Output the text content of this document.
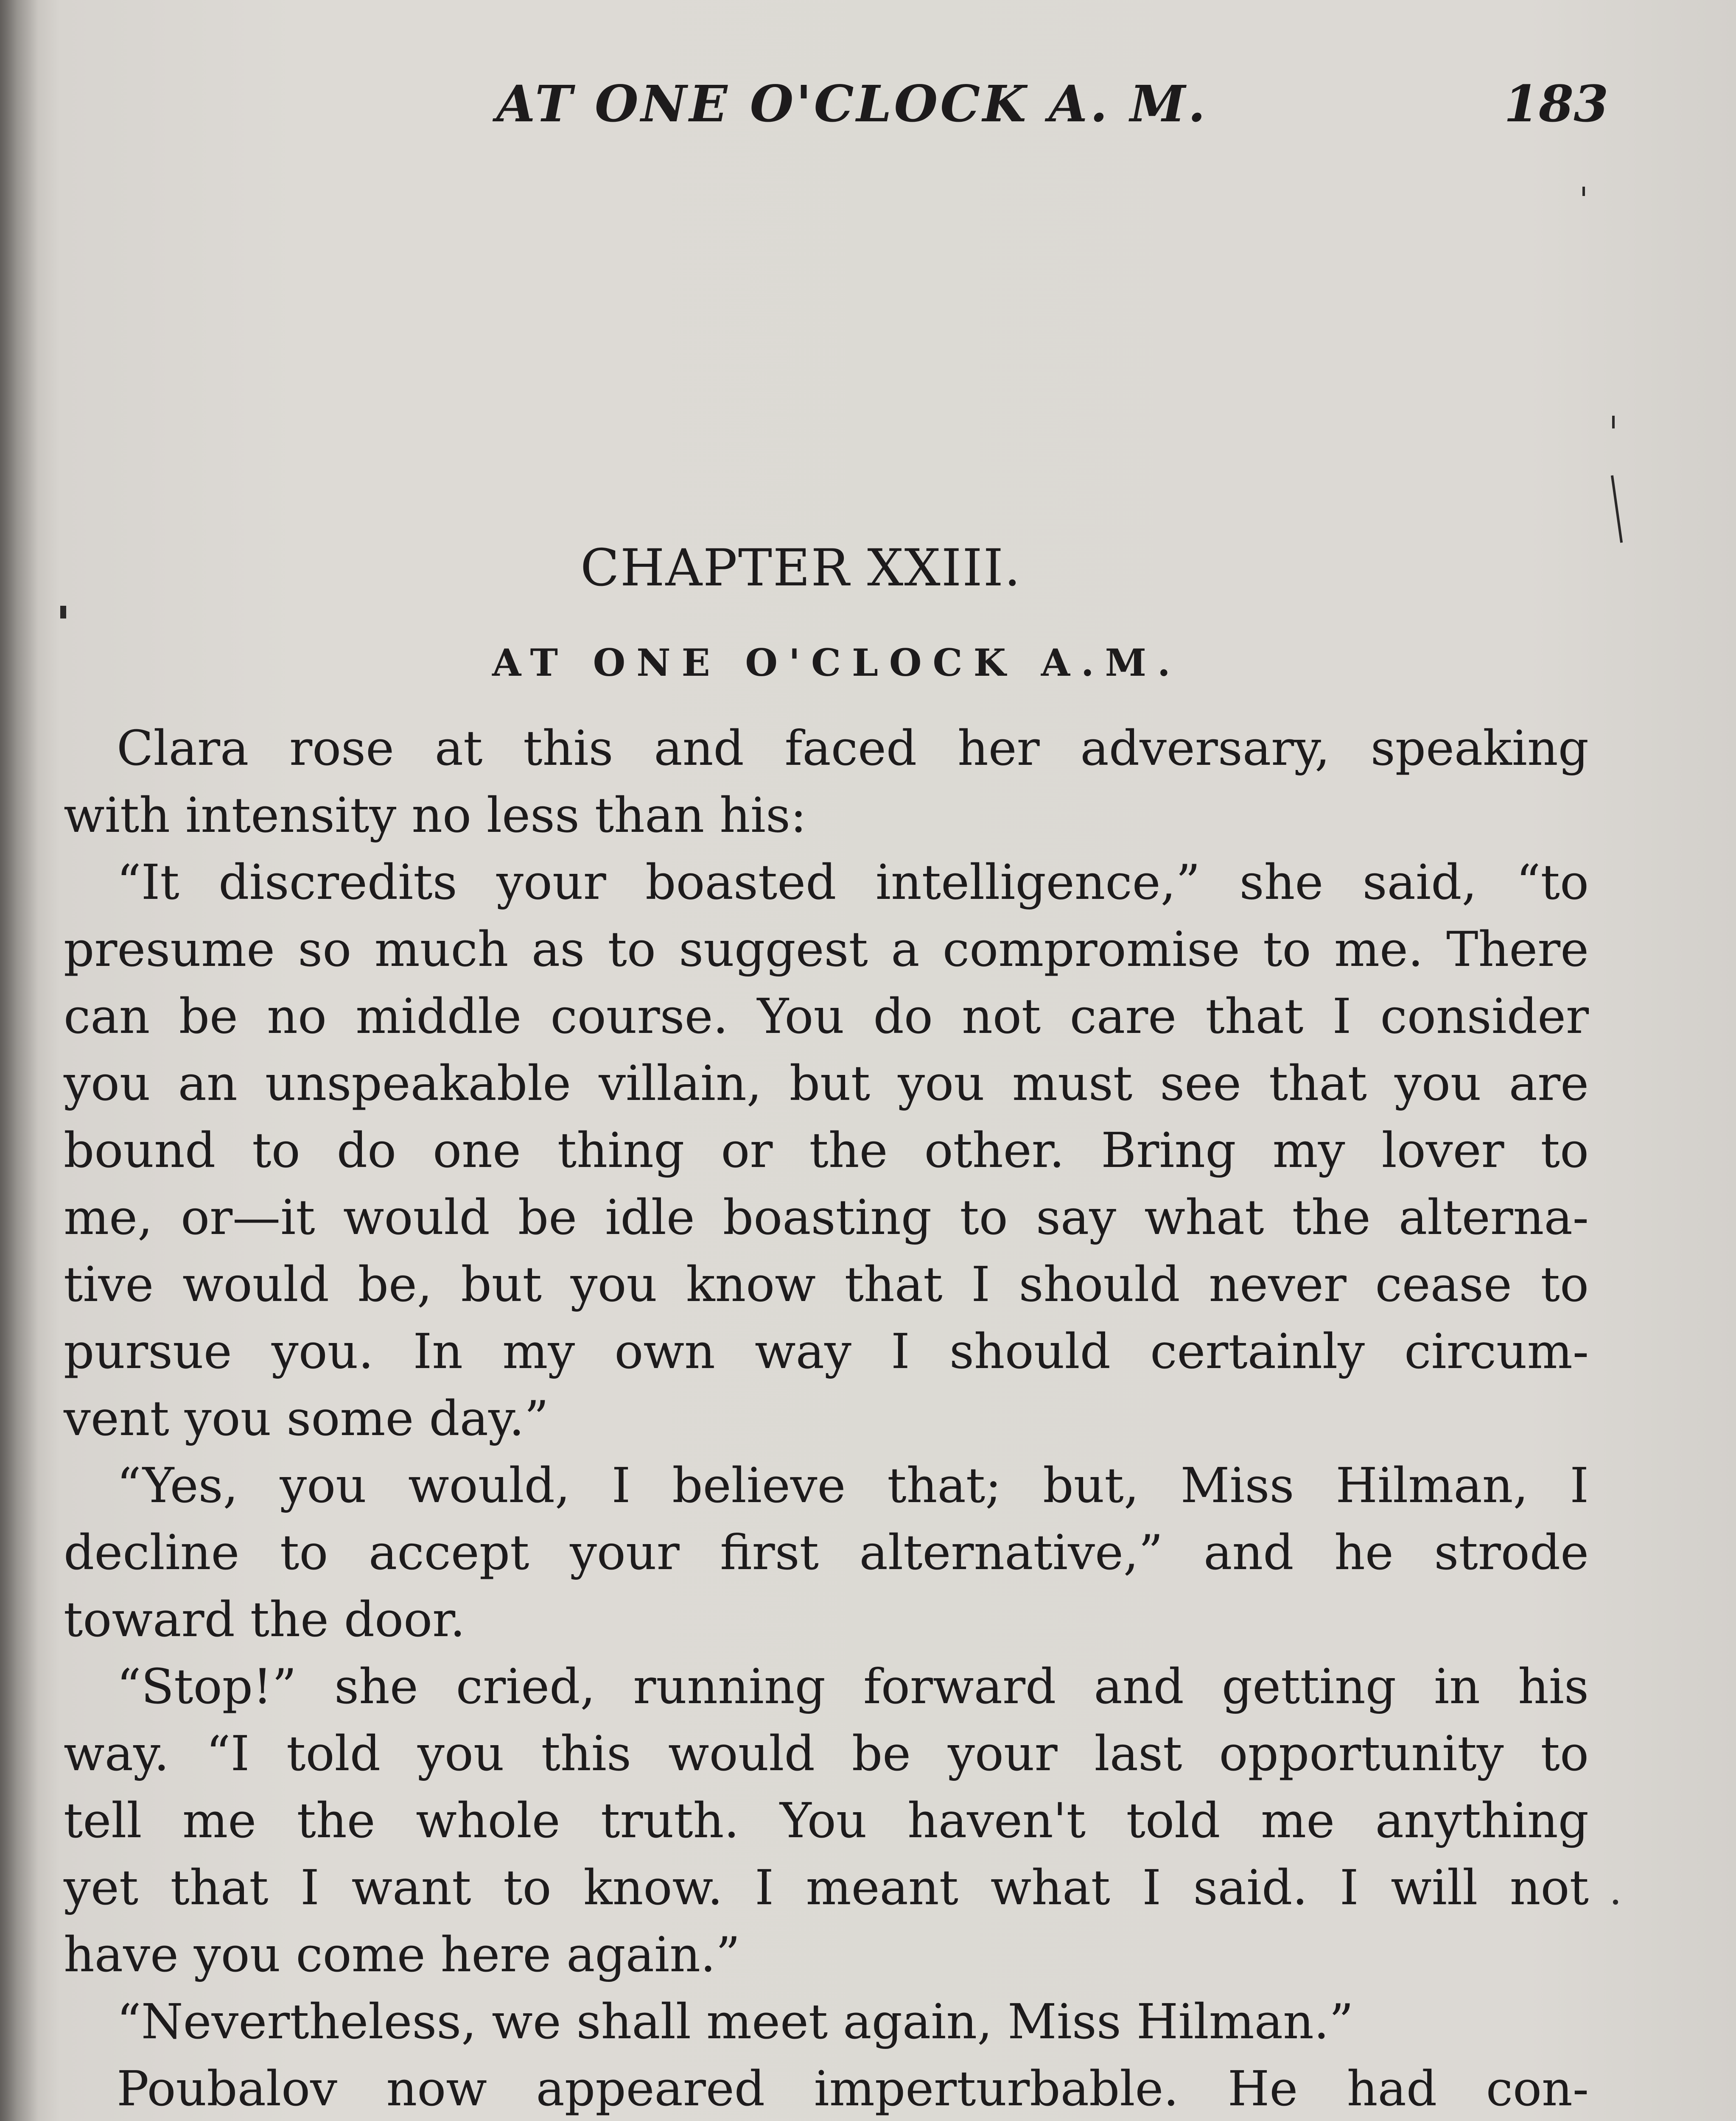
AT ONE O'CLOCK A. M.	183
CHAPTER XXIII.
AT ONE O'CLOCK A.M.
Clara rose at this and faced her adversary, speaking
with intensity no less than his:
“It discredits your boasted intelligence,” she said, “to
presume so much as to suggest a compromise to me. There
can be no middle course. You do not care that I consider
you an unspeakable villain, but you must see that you are
bound to do one thing or the other. Bring my lover to
me, or—it would be idle boasting to say what the alterna-
tive would be, but you know that I should never cease to
pursue you. In my own way I should certainly circum-
vent you some day.”
“Yes, you would, I believe that; but, Miss Hilman, I
decline to accept your first alternative,” and he strode
toward the door.
“Stop!” she cried, running forward and getting in his
way. “I told you this would be your last opportunity to
tell me the whole truth. You haven't told me anything
yet that I want to know. I meant what I said. I will not
have you come here again.”
“Nevertheless, we shall meet again, Miss Hilman.”
Poubalov now appeared imperturbable. He had con-
